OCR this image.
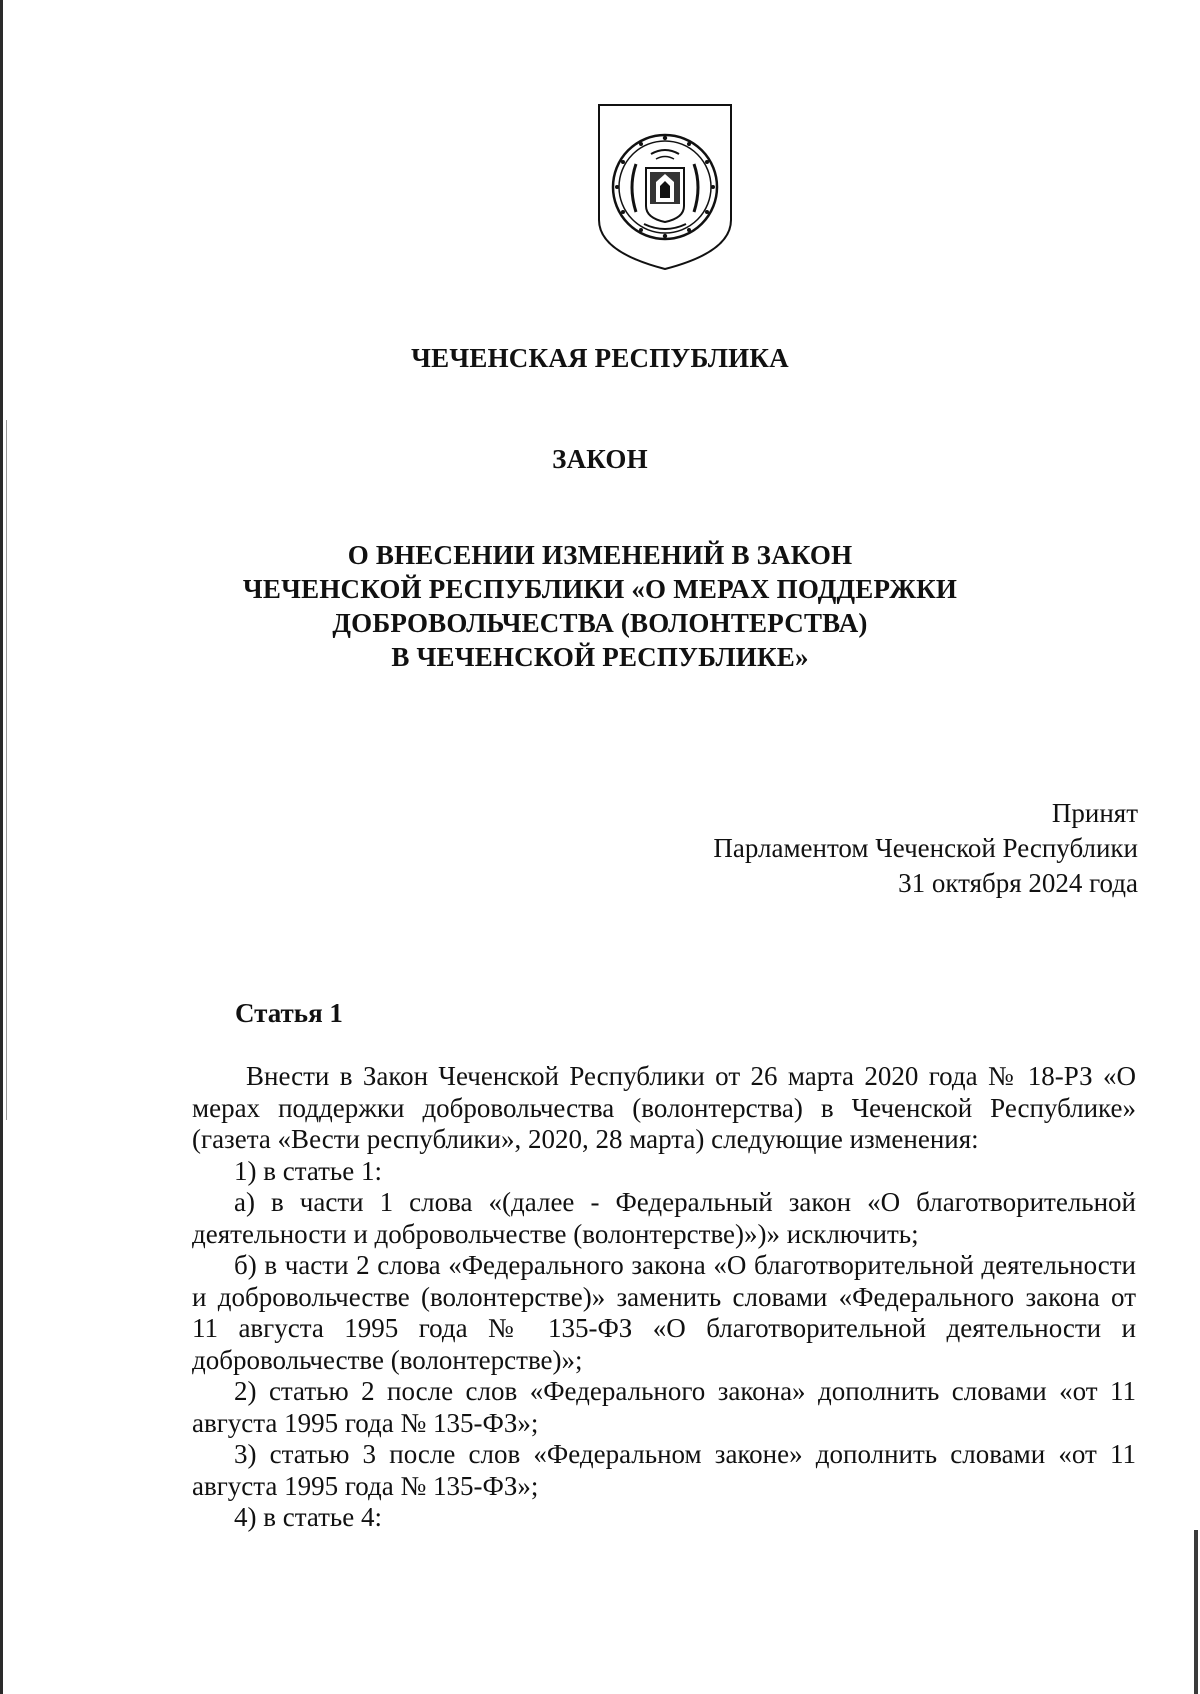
ЧЕЧЕНСКАЯ РЕСПУБЛИКА
ЗАКОН
О ВНЕСЕНИИ ИЗМЕНЕНИЙ В ЗАКОН
ЧЕЧЕНСКОЙ РЕСПУБЛИКИ «О МЕРАХ ПОДДЕРЖКИ
ДОБРОВОЛЬЧЕСТВА (ВОЛОНТЕРСТВА)
В ЧЕЧЕНСКОЙ РЕСПУБЛИКЕ»
Принят
Парламентом Чеченской Республики
31 октября 2024 года
Статья 1

Внести в Закон Чеченской Республики от 26 марта 2020 года № 18-РЗ «О мерах поддержки добровольчества (волонтерства) в Чеченской Республике» (газета «Вести республики», 2020, 28 марта) следующие изменения:

1) в статье 1:

а) в части 1 слова «(далее - Федеральный закон «О благотворительной деятельности и добровольчестве (волонтерстве)»)» исключить;

б) в части 2 слова «Федерального закона «О благотворительной деятельности и добровольчестве (волонтерстве)» заменить словами «Федерального закона от 11 августа 1995 года № 135-ФЗ «О благотворительной деятельности и добровольчестве (волонтерстве)»;

2) статью 2 после слов «Федерального закона» дополнить словами «от 11 августа 1995 года № 135-ФЗ»;

3) статью 3 после слов «Федеральном законе» дополнить словами «от 11 августа 1995 года № 135-ФЗ»;

4) в статье 4:
